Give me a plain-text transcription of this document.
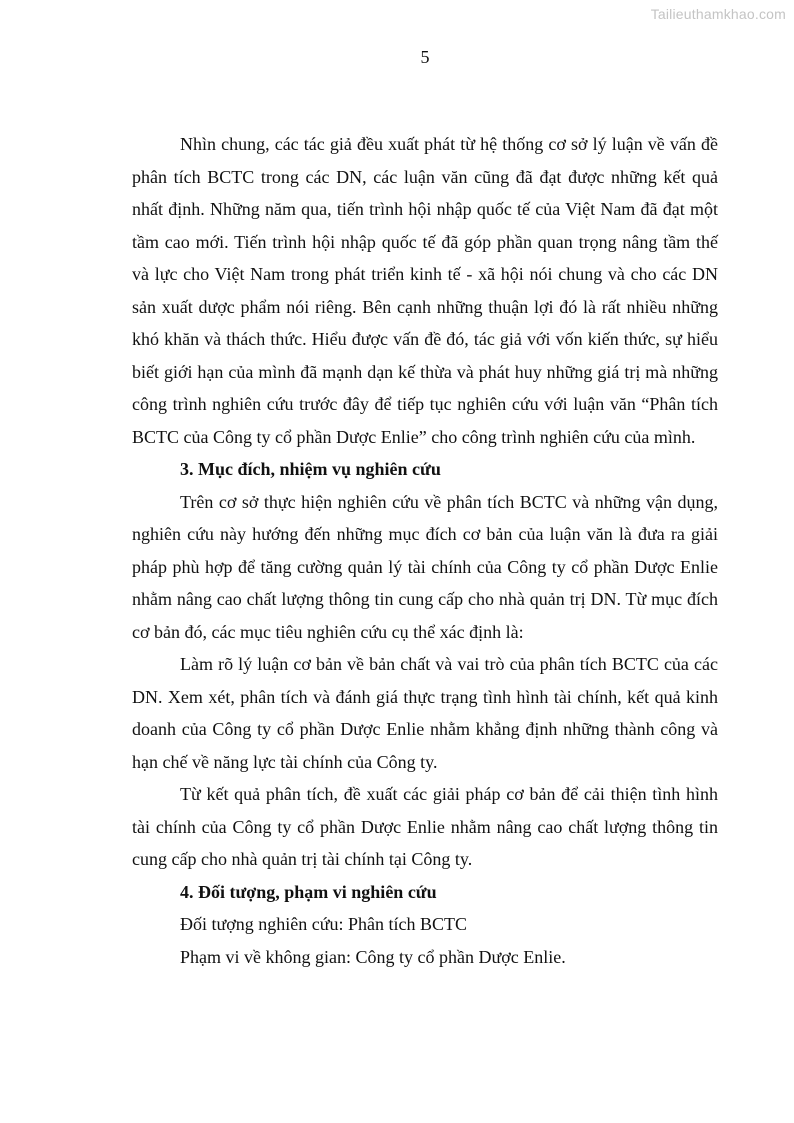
Tailieuthamkhao.com
5

Nhìn chung, các tác giả đều xuất phát từ hệ thống cơ sở lý luận về vấn đề phân tích BCTC trong các DN, các luận văn cũng đã đạt được những kết quả nhất định. Những năm qua, tiến trình hội nhập quốc tế của Việt Nam đã đạt một tầm cao mới. Tiến trình hội nhập quốc tế đã góp phần quan trọng nâng tầm thế và lực cho Việt Nam trong phát triển kinh tế - xã hội nói chung và cho các DN sản xuất dược phẩm nói riêng. Bên cạnh những thuận lợi đó là rất nhiều những khó khăn và thách thức. Hiểu được vấn đề đó, tác giả với vốn kiến thức, sự hiểu biết giới hạn của mình đã mạnh dạn kế thừa và phát huy những giá trị mà những công trình nghiên cứu trước đây để tiếp tục nghiên cứu với luận văn “Phân tích BCTC của Công ty cổ phần Dược Enlie” cho công trình nghiên cứu của mình.

3. Mục đích, nhiệm vụ nghiên cứu

Trên cơ sở thực hiện nghiên cứu về phân tích BCTC và những vận dụng, nghiên cứu này hướng đến những mục đích cơ bản của luận văn là đưa ra giải pháp phù hợp để tăng cường quản lý tài chính của Công ty cổ phần Dược Enlie nhằm nâng cao chất lượng thông tin cung cấp cho nhà quản trị DN. Từ mục đích cơ bản đó, các mục tiêu nghiên cứu cụ thể xác định là:

Làm rõ lý luận cơ bản về bản chất và vai trò của phân tích BCTC của các DN. Xem xét, phân tích và đánh giá thực trạng tình hình tài chính, kết quả kinh doanh của Công ty cổ phần Dược Enlie nhằm khẳng định những thành công và hạn chế về năng lực tài chính của Công ty.

Từ kết quả phân tích, đề xuất các giải pháp cơ bản để cải thiện tình hình tài chính của Công ty cổ phần Dược Enlie nhằm nâng cao chất lượng thông tin cung cấp cho nhà quản trị tài chính tại Công ty.

4. Đối tượng, phạm vi nghiên cứu

Đối tượng nghiên cứu: Phân tích BCTC

Phạm vi về không gian: Công ty cổ phần Dược Enlie.
